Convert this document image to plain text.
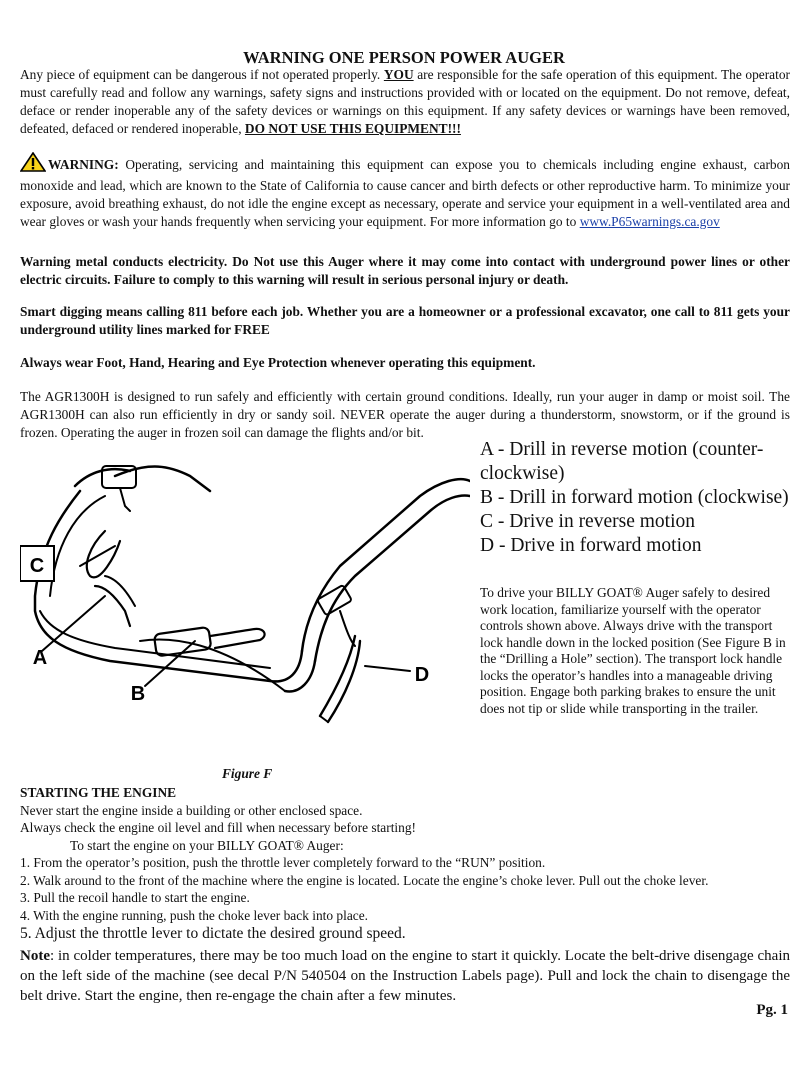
WARNING ONE PERSON POWER AUGER
Any piece of equipment can be dangerous if not operated properly. YOU are responsible for the safe operation of this equipment. The operator must carefully read and follow any warnings, safety signs and instructions provided with or located on the equipment. Do not remove, defeat, deface or render inoperable any of the safety devices or warnings on this equipment. If any safety devices or warnings have been removed, defeated, defaced or rendered inoperable, DO NOT USE THIS EQUIPMENT!!!
WARNING: Operating, servicing and maintaining this equipment can expose you to chemicals including engine exhaust, carbon monoxide and lead, which are known to the State of California to cause cancer and birth defects or other reproductive harm. To minimize your exposure, avoid breathing exhaust, do not idle the engine except as necessary, operate and service your equipment in a well-ventilated area and wear gloves or wash your hands frequently when servicing your equipment. For more information go to www.P65warnings.ca.gov
Warning metal conducts electricity. Do Not use this Auger where it may come into contact with underground power lines or other electric circuits. Failure to comply to this warning will result in serious personal injury or death.
Smart digging means calling 811 before each job. Whether you are a homeowner or a professional excavator, one call to 811 gets your underground utility lines marked for FREE
Always wear Foot, Hand, Hearing and Eye Protection whenever operating this equipment.
The AGR1300H is designed to run safely and efficiently with certain ground conditions. Ideally, run your auger in damp or moist soil. The AGR1300H can also run efficiently in dry or sandy soil. NEVER operate the auger during a thunderstorm, snowstorm, or if the ground is frozen. Operating the auger in frozen soil can damage the flights and/or bit.
C
A
B
D
A - Drill in reverse motion (counter-clockwise)
B - Drill in forward motion (clockwise)
C - Drive in reverse motion
D - Drive in forward motion
To drive your BILLY GOAT® Auger safely to desired work location, familiarize yourself with the operator controls shown above. Always drive with the transport lock handle down in the locked position (See Figure B in the “Drilling a Hole” section). The transport lock handle locks the operator’s handles into a manageable driving position. Engage both parking brakes to ensure the unit does not tip or slide while transporting in the trailer.
Figure F
STARTING THE ENGINE
Never start the engine inside a building or other enclosed space.
Always check the engine oil level and fill when necessary before starting!
To start the engine on your BILLY GOAT® Auger:
1. From the operator’s position, push the throttle lever completely forward to the “RUN” position.
2. Walk around to the front of the machine where the engine is located. Locate the engine’s choke lever. Pull out the choke lever.
3. Pull the recoil handle to start the engine.
4. With the engine running, push the choke lever back into place.
5. Adjust the throttle lever to dictate the desired ground speed.
Note: in colder temperatures, there may be too much load on the engine to start it quickly. Locate the belt-drive disengage chain on the left side of the machine (see decal P/N 540504 on the Instruction Labels page). Pull and lock the chain to disengage the belt drive. Start the engine, then re-engage the chain after a few minutes.
Pg. 1
